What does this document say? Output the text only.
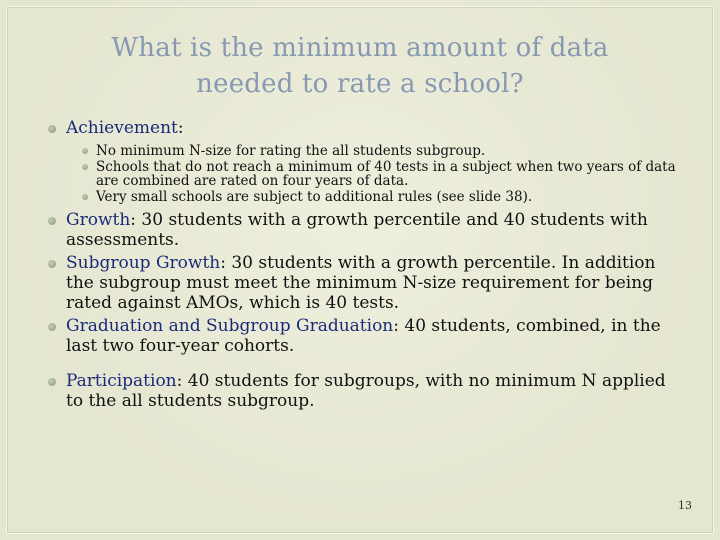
What is the minimum amount of data needed to rate a school?
Achievement:
No minimum N-size for rating the all students subgroup.
Schools that do not reach a minimum of 40 tests in a subject when two years of data are combined are rated on four years of data.
Very small schools are subject to additional rules (see slide 38).
Growth: 30 students with a growth percentile and 40 students with assessments.
Subgroup Growth: 30 students with a growth percentile. In addition the subgroup must meet the minimum N-size requirement for being rated against AMOs, which is 40 tests.
Graduation and Subgroup Graduation: 40 students, combined, in the last two four-year cohorts.
Participation: 40 students for subgroups, with no minimum N applied to the all students subgroup.
13
